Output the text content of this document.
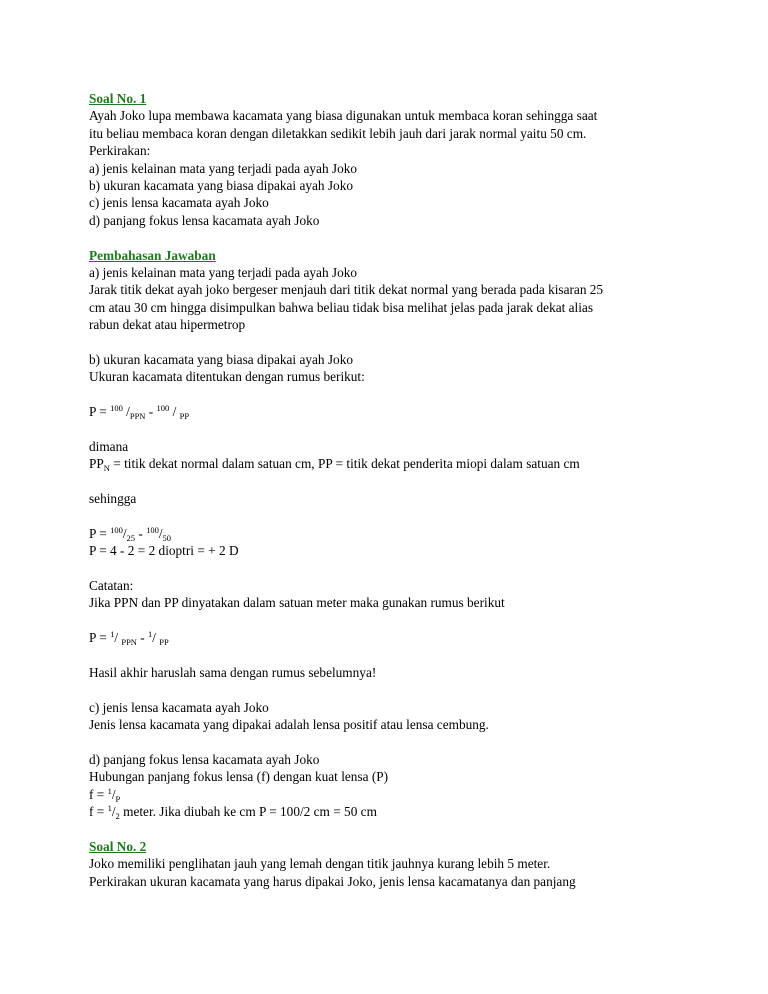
Soal No. 1
Ayah Joko lupa membawa kacamata yang biasa digunakan untuk membaca koran sehingga saat
itu beliau membaca koran dengan diletakkan sedikit lebih jauh dari jarak normal yaitu 50 cm.
Perkirakan:
a) jenis kelainan mata yang terjadi pada ayah Joko
b) ukuran kacamata yang biasa dipakai ayah Joko
c) jenis lensa kacamata ayah Joko
d) panjang fokus lensa kacamata ayah Joko
Pembahasan Jawaban
a) jenis kelainan mata yang terjadi pada ayah Joko
Jarak titik dekat ayah joko bergeser menjauh dari titik dekat normal yang berada pada kisaran 25
cm atau 30 cm hingga disimpulkan bahwa beliau tidak bisa melihat jelas pada jarak dekat alias
rabun dekat atau hipermetrop
b) ukuran kacamata yang biasa dipakai ayah Joko
Ukuran kacamata ditentukan dengan rumus berikut:
P = $^{100}$ $/_{PPN} - ^{100} / _{PP}$
dimana
$PP_N$ = titik dekat normal dalam satuan cm, PP = titik dekat penderita miopi dalam satuan cm
sehingga
$P = ^{100}/_{25} - ^{100}/_{50}$
P = 4 - 2 = 2 dioptri = + 2 D
Catatan:
Jika PPN dan PP dinyatakan dalam satuan meter maka gunakan rumus berikut
P = $^1$/ $_{PPN}$ - $^1$/ $_{PP}$
Hasil akhir haruslah sama dengan rumus sebelumnya!
c) jenis lensa kacamata ayah Joko
Jenis lensa kacamata yang dipakai adalah lensa positif atau lensa cembung.
d) panjang fokus lensa kacamata ayah Joko
Hubungan panjang fokus lensa (f) dengan kuat lensa (P)
$f = ^1/_P$
$f = ^1/_2$ meter. Jika diubah ke cm P = 100/2 cm = 50 cm
Soal No. 2
Joko memiliki penglihatan jauh yang lemah dengan titik jauhnya kurang lebih 5 meter.
Perkirakan ukuran kacamata yang harus dipakai Joko, jenis lensa kacamatanya dan panjang
